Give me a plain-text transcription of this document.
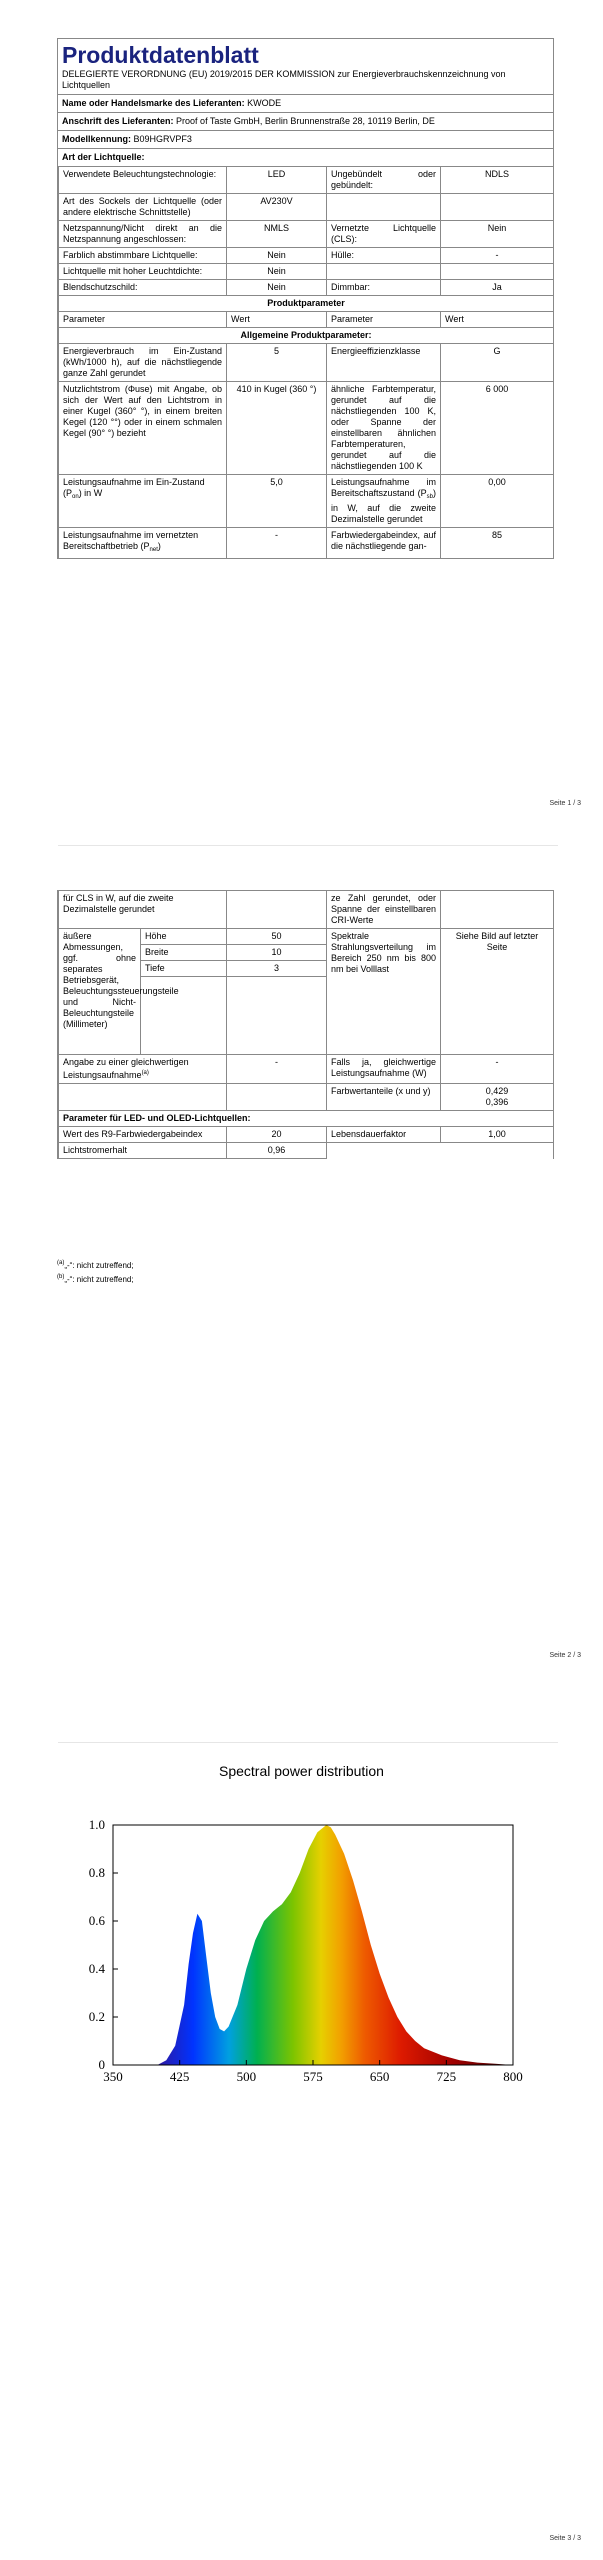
Produktdatenblatt
DELEGIERTE VERORDNUNG (EU) 2019/2015 DER KOMMISSION zur Energieverbrauchskennzeichnung von Lichtquellen
Name oder Handelsmarke des Lieferanten: KWODE
Anschrift des Lieferanten: Proof of Taste GmbH, Berlin Brunnenstraße 28, 10119 Berlin, DE
Modellkennung: B09HGRVPF3
Art der Lichtquelle:
Verwendete Beleuchtungstechnologie:	LED	Ungebündelt oder gebündelt:	NDLS
Art des Sockels der Lichtquelle (oder andere elektrische Schnittstelle)	AV230V		
Netzspannung/Nicht direkt an die Netzspannung angeschlossen:	NMLS	Vernetzte Lichtquelle (CLS):	Nein
Farblich abstimmbare Lichtquelle:	Nein	Hülle:	-
Lichtquelle mit hoher Leuchtdichte:	Nein		
Blendschutzschild:	Nein	Dimmbar:	Ja
Produktparameter			
Parameter	Wert	Parameter	Wert
Allgemeine Produktparameter:			
Energieverbrauch im Ein-Zustand (kWh/1000 h), auf die nächstliegende ganze Zahl gerundet	5	Energieeffizienzklasse	G
Nutzlichtstrom (Φuse) mit Angabe, ob sich der Wert auf den Lichtstrom in einer Kugel (360° °), in einem breiten Kegel (120 °°) oder in einem schmalen Kegel (90° °) bezieht	410 in Kugel (360 °)	ähnliche Farbtemperatur, gerundet auf die nächstliegenden 100 K, oder Spanne der einstellbaren ähnlichen Farbtemperaturen, gerundet auf die nächstliegenden 100 K	6 000
Leistungsaufnahme im Ein-Zustand $(P_{on})$ in W	5,0	Leistungsaufnahme im Bereitschaftszustand $(P_{sb})$ in W, auf die zweite Dezimalstelle gerundet	0,00
Leistungsaufnahme im vernetzten Bereitschaftbetrieb $(P_{net})$	-	Farbwiedergabeindex, auf die nächstliegende gan-	85
Seite 1 / 3
für CLS in W, auf die zweite Dezimalstelle gerundet			ze Zahl gerundet, oder Spanne der einstellbaren CRI-Werte	
äußere Abmessungen, ggf. ohne separates Betriebsgerät, Beleuchtungssteuerungsteile und Nicht-Beleuchtungsteile (Millimeter)	Höhe	50	Spektrale Strahlungsverteilung im Bereich 250 nm bis 800 nm bei Volllast	Siehe Bild auf letzter Seite
	Breite	10		
	Tiefe	3		

Angabe zu einer gleichwertigen Leistungsaufnahme$^{(a)}$		-	Falls ja, gleichwertige Leistungsaufnahme (W)	-
			Farbwertanteile (x und y)	0,429
0,396

Parameter für LED- und OLED-Lichtquellen:				
Wert des R9-Farbwiedergabeindex		20	Lebensdauerfaktor	1,00
Lichtstromerhalt		0,96		
$^{(a)}$„-“: nicht zutreffend;
$^{(b)}$„-“: nicht zutreffend;
Seite 2 / 3
Spectral power distribution
350	425	500	575	650	725	800
0
0.2
0.4
0.6
0.8
1.0
Seite 3 / 3
